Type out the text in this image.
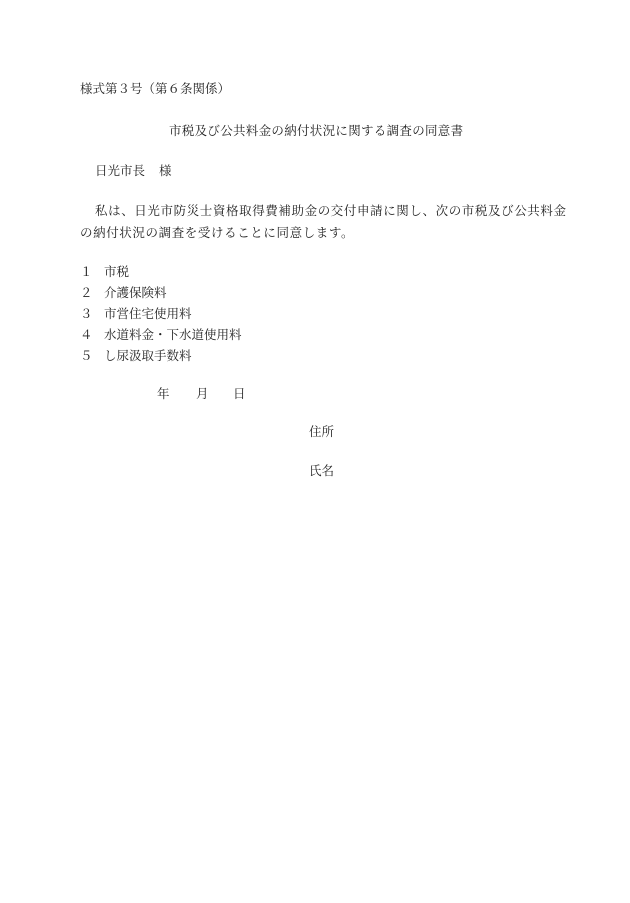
様式第３号（第６条関係）
市税及び公共料金の納付状況に関する調査の同意書
日光市長 様
私は、日光市防災士資格取得費補助金の交付申請に関し、次の市税及び公共料金
の納付状況の調査を受けることに同意します。
１ 市税
２ 介護保険料
３ 市営住宅使用料
４ 水道料金・下水道使用料
５ し尿汲取手数料
年 月 日
住所
氏名
